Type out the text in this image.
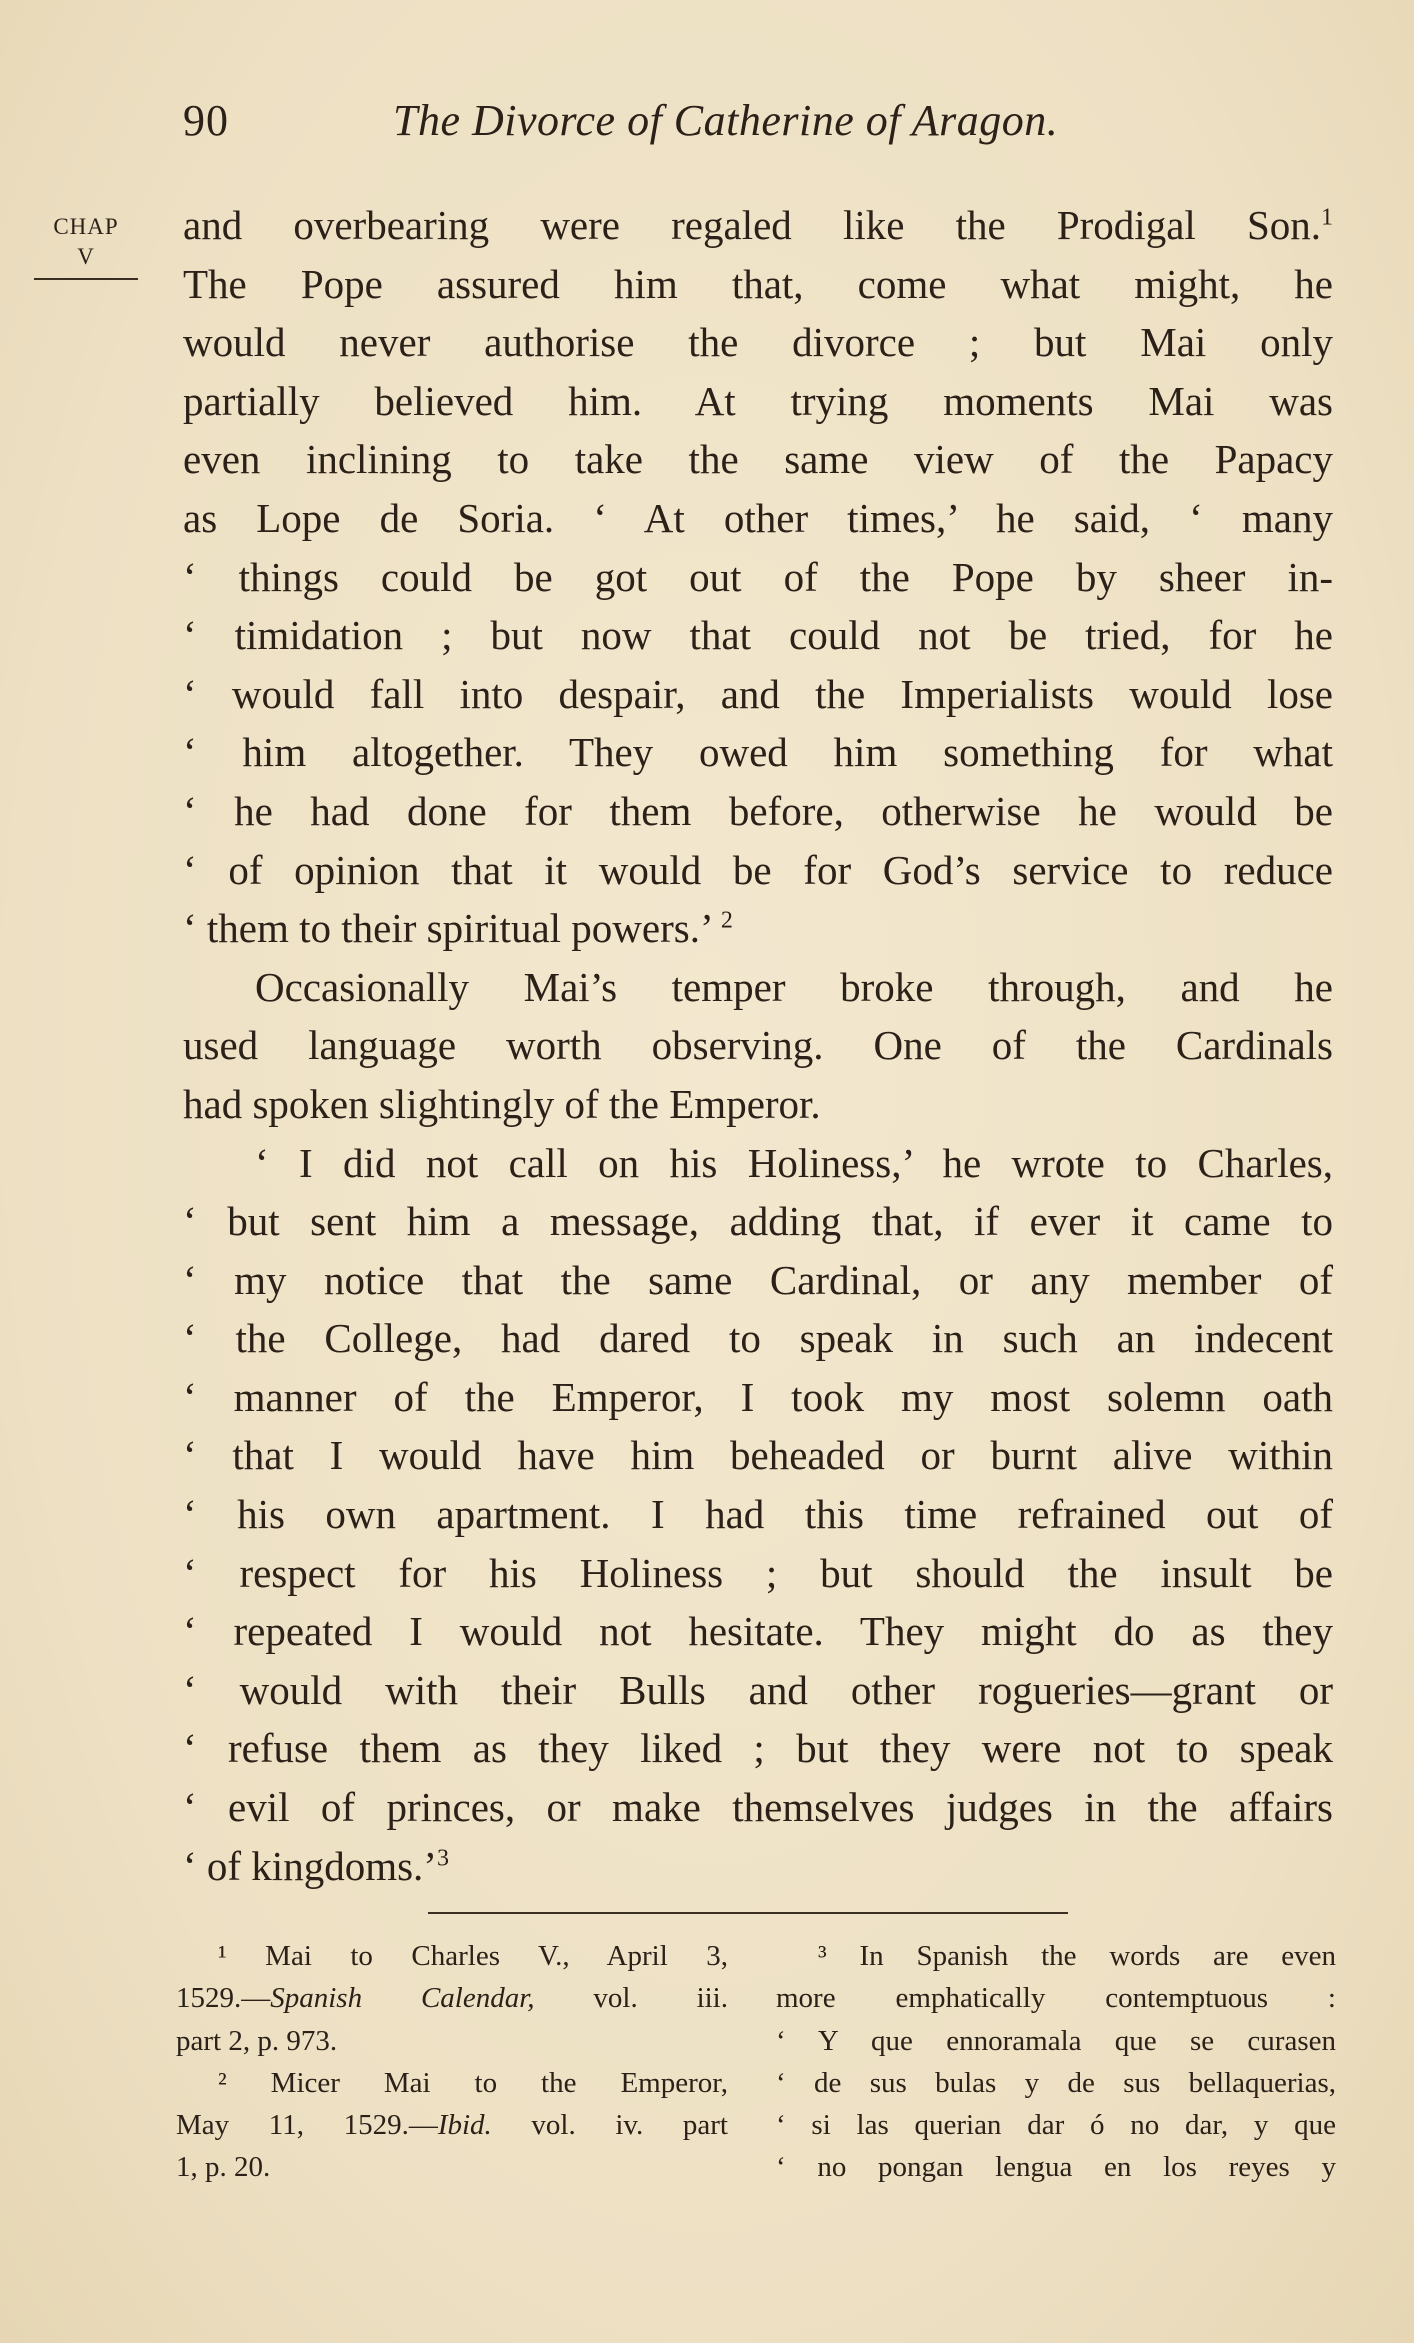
90	The Divorce of Catherine of Aragon.
CHAP
V
and overbearing were regaled like the Prodigal Son.$^1$
The Pope assured him that, come what might, he
would never authorise the divorce ; but Mai only
partially believed him. At trying moments Mai was
even inclining to take the same view of the Papacy
as Lope de Soria. ‘ At other times,’ he said, ‘ many
‘ things could be got out of the Pope by sheer in-
‘ timidation ; but now that could not be tried, for he
‘ would fall into despair, and the Imperialists would lose
‘ him altogether. They owed him something for what
‘ he had done for them before, otherwise he would be
‘ of opinion that it would be for God’s service to reduce
‘ them to their spiritual powers.’ $^2$
Occasionally Mai’s temper broke through, and he
used language worth observing. One of the Cardinals
had spoken slightingly of the Emperor.
‘ I did not call on his Holiness,’ he wrote to Charles,
‘ but sent him a message, adding that, if ever it came to
‘ my notice that the same Cardinal, or any member of
‘ the College, had dared to speak in such an indecent
‘ manner of the Emperor, I took my most solemn oath
‘ that I would have him beheaded or burnt alive within
‘ his own apartment. I had this time refrained out of
‘ respect for his Holiness ; but should the insult be
‘ repeated I would not hesitate. They might do as they
‘ would with their Bulls and other rogueries—grant or
‘ refuse them as they liked ; but they were not to speak
‘ evil of princes, or make themselves judges in the affairs
‘ of kingdoms.’$^3$
¹ Mai to Charles V., April 3,
1529.—Spanish Calendar, vol. iii.
part 2, p. 973.
² Micer Mai to the Emperor,
May 11, 1529.—Ibid. vol. iv. part
1, p. 20.
³ In Spanish the words are even
more emphatically contemptuous :
‘ Y que ennoramala que se curasen
‘ de sus bulas y de sus bellaquerias,
‘ si las querian dar ó no dar, y que
‘ no pongan lengua en los reyes y
